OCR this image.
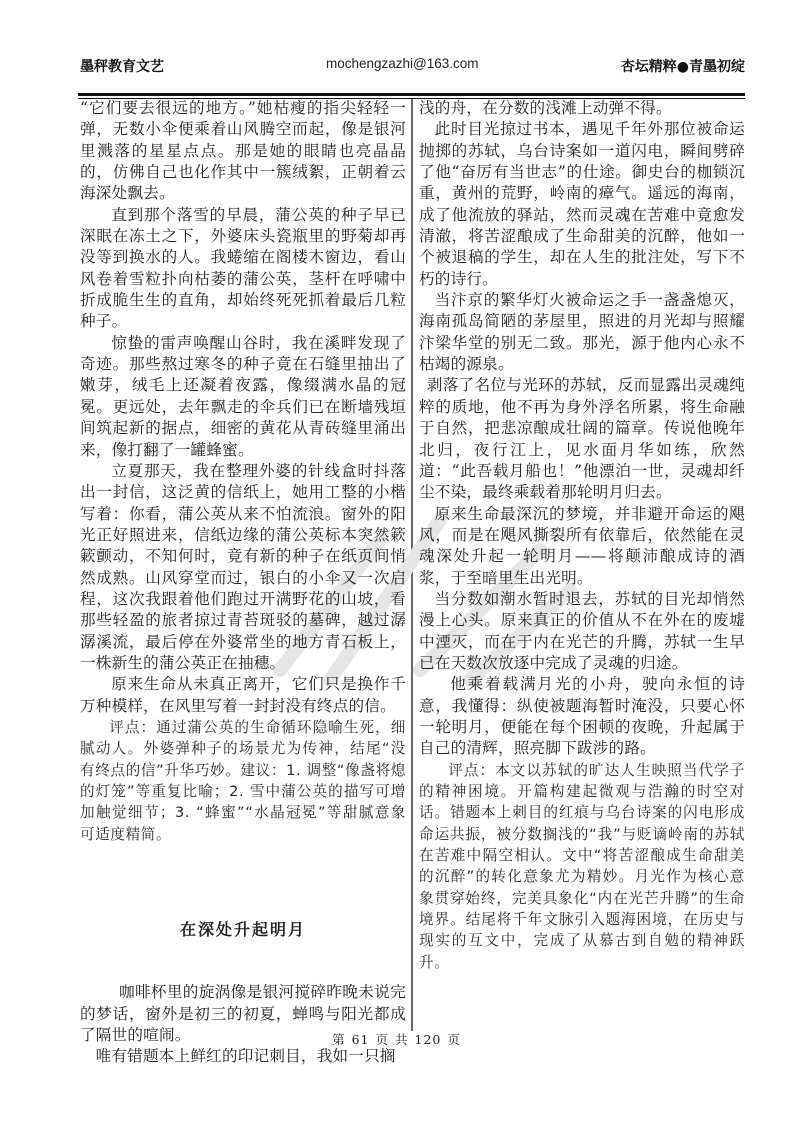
墨秤教育文艺	mochengzazhi@163.com	杏坛精粹●青墨初绽

“它们要去很远的地方。”她枯瘦的指尖轻轻一弹，无数小伞便乘着山风腾空而起，像是银河里溅落的星星点点。那是她的眼睛也亮晶晶的，仿佛自己也化作其中一簇绒絮，正朝着云海深处飘去。

直到那个落雪的早晨，蒲公英的种子早已深眠在冻土之下，外婆床头瓷瓶里的野菊却再没等到换水的人。我蜷缩在阁楼木窗边，看山风卷着雪粒扑向枯萎的蒲公英，茎杆在呼啸中折成脆生生的直角，却始终死死抓着最后几粒种子。

惊蛰的雷声唤醒山谷时，我在溪畔发现了奇迹。那些熬过寒冬的种子竟在石缝里抽出了嫩芽，绒毛上还凝着夜露，像缀满水晶的冠冕。更远处，去年飘走的伞兵们已在断墙残垣间筑起新的据点，细密的黄花从青砖缝里涌出来，像打翻了一罐蜂蜜。

立夏那天，我在整理外婆的针线盒时抖落出一封信，这泛黄的信纸上，她用工整的小楷写着：你看，蒲公英从来不怕流浪。窗外的阳光正好照进来，信纸边缘的蒲公英标本突然簌簌颤动，不知何时，竟有新的种子在纸页间悄然成熟。山风穿堂而过，银白的小伞又一次启程，这次我跟着他们跑过开满野花的山坡，看那些轻盈的旅者掠过青苔斑驳的墓碑，越过潺潺溪流，最后停在外婆常坐的地方青石板上，一株新生的蒲公英正在抽穗。

原来生命从未真正离开，它们只是换作千万种模样，在风里写着一封封没有终点的信。

评点：通过蒲公英的生命循环隐喻生死，细腻动人。外婆弹种子的场景尤为传神，结尾“没有终点的信”升华巧妙。建议：1. 调整“像盏将熄的灯笼”等重复比喻；2. 雪中蒲公英的描写可增加触觉细节；3. “蜂蜜”“水晶冠冕”等甜腻意象可适度精简。

在深处升起明月

咖啡杯里的旋涡像是银河搅碎昨晚未说完的梦话，窗外是初三的初夏，蝉鸣与阳光都成了隔世的喧闹。

唯有错题本上鲜红的印记刺目，我如一只搁

浅的舟，在分数的浅滩上动弹不得。

此时目光掠过书本，遇见千年外那位被命运抛掷的苏轼，乌台诗案如一道闪电，瞬间劈碎了他“奋厉有当世志”的仕途。御史台的枷锁沉重，黄州的荒野，岭南的瘴气。遥远的海南，成了他流放的驿站，然而灵魂在苦难中竟愈发清澈，将苦涩酿成了生命甜美的沉醉，他如一个被退稿的学生，却在人生的批注处，写下不朽的诗行。

当汴京的繁华灯火被命运之手一盏盏熄灭，海南孤岛简陋的茅屋里，照进的月光却与照耀汴梁华堂的别无二致。那光，源于他内心永不枯竭的源泉。

剥落了名位与光环的苏轼，反而显露出灵魂纯粹的质地，他不再为身外浮名所累，将生命融于自然，把悲凉酿成壮阔的篇章。传说他晚年北归，夜行江上，见水面月华如练，欣然道：“此吾载月船也！”他漂泊一世，灵魂却纤尘不染，最终乘载着那轮明月归去。

原来生命最深沉的梦境，并非避开命运的飓风，而是在飓风撕裂所有依靠后，依然能在灵魂深处升起一轮明月——将颠沛酿成诗的酒浆，于至暗里生出光明。

当分数如潮水暂时退去，苏轼的目光却悄然漫上心头。原来真正的价值从不在外在的废墟中湮灭，而在于内在光芒的升腾，苏轼一生早已在天数次放逐中完成了灵魂的归途。

他乘着载满月光的小舟，驶向永恒的诗意，我懂得：纵使被题海暂时淹没，只要心怀一轮明月，便能在每个困顿的夜晚，升起属于自己的清辉，照亮脚下跋涉的路。

评点：本文以苏轼的旷达人生映照当代学子的精神困境。开篇构建起微观与浩瀚的时空对话。错题本上刺目的红痕与乌台诗案的闪电形成命运共振，被分数搁浅的“我”与贬谪岭南的苏轼在苦难中隔空相认。文中“将苦涩酿成生命甜美的沉醉”的转化意象尤为精妙。月光作为核心意象贯穿始终，完美具象化“内在光芒升腾”的生命境界。结尾将千年文脉引入题海困境，在历史与现实的互文中，完成了从慕古到自勉的精神跃升。

第 61 页 共 120 页
